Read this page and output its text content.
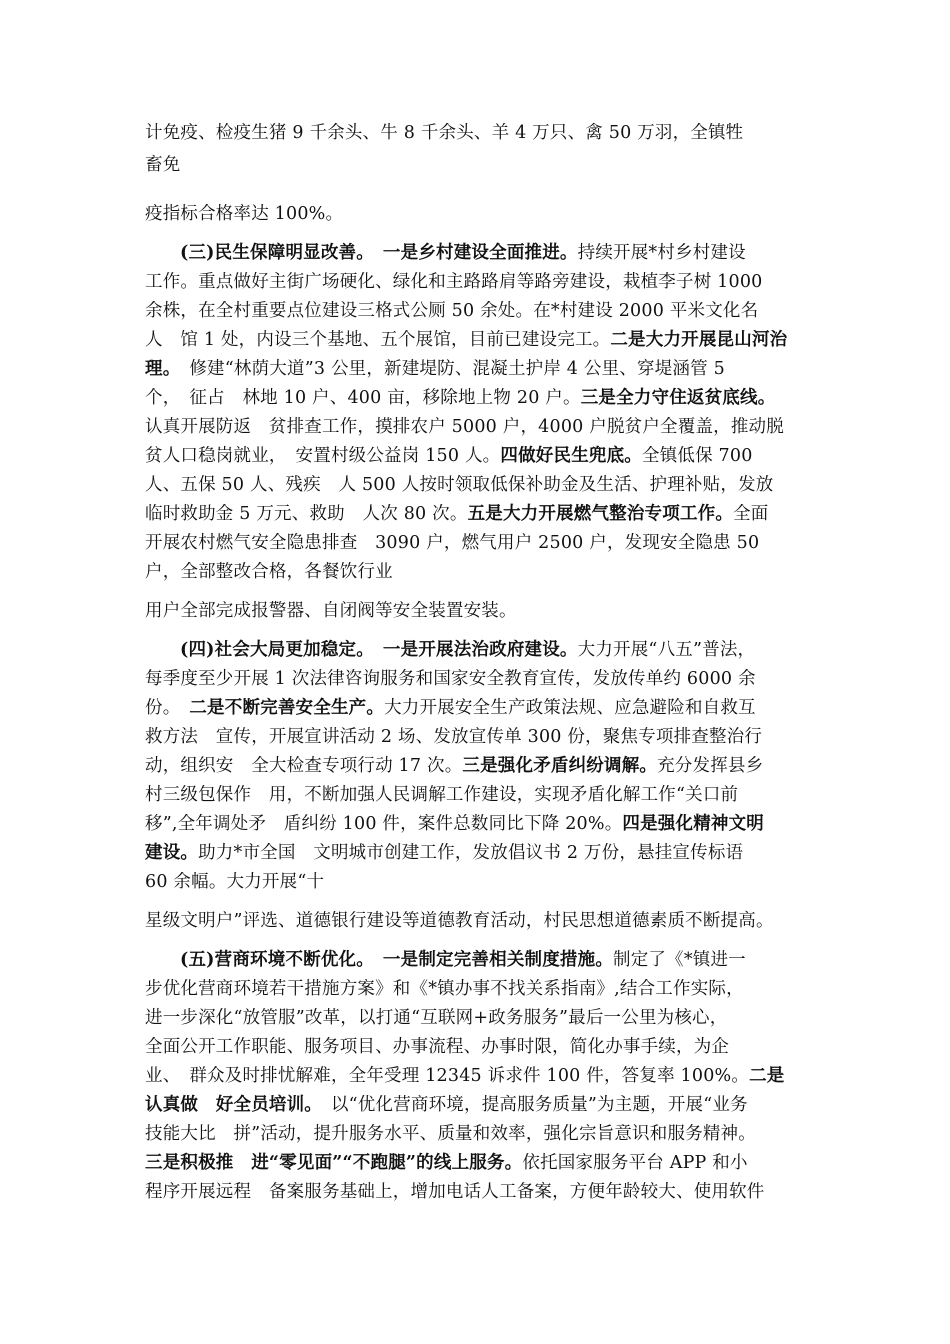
计免疫、检疫生猪 9 千余头、牛 8 千余头、羊 4 万只、禽 50 万羽，全镇牲
畜免
疫指标合格率达 100%。
(三)民生保障明显改善。　一是乡村建设全面推进。持续开展*村乡村建设
工作。重点做好主街广场硬化、绿化和主路路肩等路旁建设，栽植李子树 1000
余株，在全村重要点位建设三格式公厕 50 余处。在*村建设 2000 平米文化名
人　馆 1 处，内设三个基地、五个展馆，目前已建设完工。二是大力开展昆山河治
理。　修建“林荫大道”3 公里，新建堤防、混凝土护岸 4 公里、穿堤涵管 5
个，　征占　林地 10 户、400 亩，移除地上物 20 户。三是全力守住返贫底线。
认真开展防返　贫排查工作，摸排农户 5000 户，4000 户脱贫户全覆盖，推动脱
贫人口稳岗就业，　安置村级公益岗 150 人。四做好民生兜底。全镇低保 700
人、五保 50 人、残疾　人 500 人按时领取低保补助金及生活、护理补贴，发放
临时救助金 5 万元、救助　人次 80 次。五是大力开展燃气整治专项工作。全面
开展农村燃气安全隐患排查　3090 户，燃气用户 2500 户，发现安全隐患 50
户，全部整改合格，各餐饮行业
用户全部完成报警器、自闭阀等安全装置安装。
(四)社会大局更加稳定。　一是开展法治政府建设。大力开展“八五”普法，
每季度至少开展 1 次法律咨询服务和国家安全教育宣传，发放传单约 6000 余
份。　二是不断完善安全生产。大力开展安全生产政策法规、应急避险和自救互
救方法　宣传，开展宣讲活动 2 场、发放宣传单 300 份，聚焦专项排查整治行
动，组织安　全大检查专项行动 17 次。三是强化矛盾纠纷调解。充分发挥县乡
村三级包保作　用，不断加强人民调解工作建设，实现矛盾化解工作“关口前
移”,全年调处矛　盾纠纷 100 件，案件总数同比下降 20%。四是强化精神文明
建设。助力*市全国　文明城市创建工作，发放倡议书 2 万份，悬挂宣传标语
60 余幅。大力开展“十
星级文明户”评选、道德银行建设等道德教育活动，村民思想道德素质不断提高。
(五)营商环境不断优化。　一是制定完善相关制度措施。制定了《*镇进一
步优化营商环境若干措施方案》和《*镇办事不找关系指南》,结合工作实际，
进一步深化“放管服”改革，以打通“互联网+政务服务”最后一公里为核心，
全面公开工作职能、服务项目、办事流程、办事时限，简化办事手续，为企
业、　群众及时排忧解难，全年受理 12345 诉求件 100 件，答复率 100%。二是
认真做　好全员培训。　以“优化营商环境，提高服务质量”为主题，开展“业务
技能大比　拼”活动，提升服务水平、质量和效率，强化宗旨意识和服务精神。
三是积极推　进“零见面”“不跑腿”的线上服务。依托国家服务平台 APP 和小
程序开展远程　备案服务基础上，增加电话人工备案，方便年龄较大、使用软件
